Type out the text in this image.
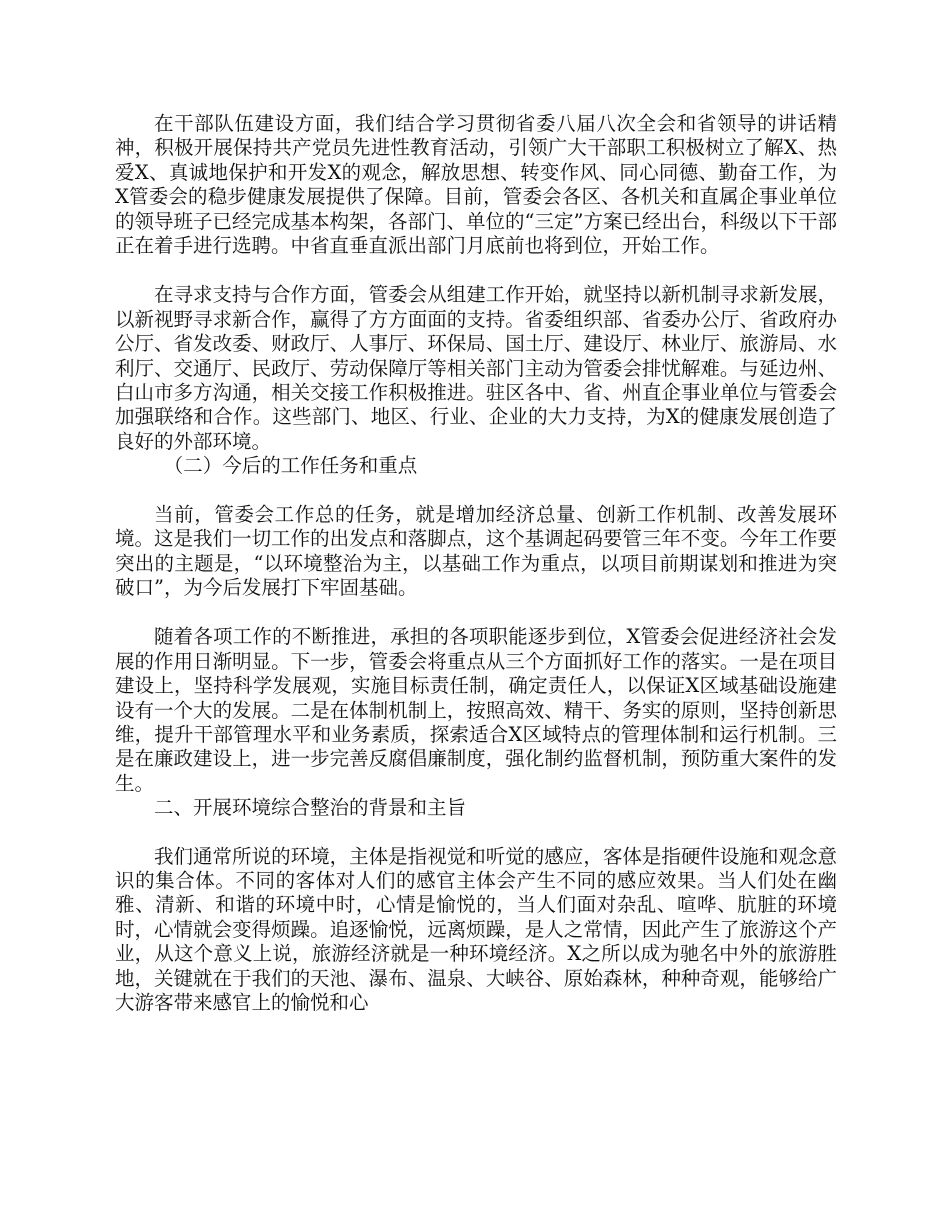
在干部队伍建设方面，我们结合学习贯彻省委八届八次全会和省领导的讲话精神，积极开展保持共产党员先进性教育活动，引领广大干部职工积极树立了解X、热爱X、真诚地保护和开发X的观念，解放思想、转变作风、同心同德、勤奋工作，为X管委会的稳步健康发展提供了保障。目前，管委会各区、各机关和直属企事业单位的领导班子已经完成基本构架，各部门、单位的“三定”方案已经出台，科级以下干部正在着手进行选聘。中省直垂直派出部门月底前也将到位，开始工作。

在寻求支持与合作方面，管委会从组建工作开始，就坚持以新机制寻求新发展，以新视野寻求新合作，赢得了方方面面的支持。省委组织部、省委办公厅、省政府办公厅、省发改委、财政厅、人事厅、环保局、国土厅、建设厅、林业厅、旅游局、水利厅、交通厅、民政厅、劳动保障厅等相关部门主动为管委会排忧解难。与延边州、白山市多方沟通，相关交接工作积极推进。驻区各中、省、州直企事业单位与管委会加强联络和合作。这些部门、地区、行业、企业的大力支持，为X的健康发展创造了良好的外部环境。

（二）今后的工作任务和重点

当前，管委会工作总的任务，就是增加经济总量、创新工作机制、改善发展环境。这是我们一切工作的出发点和落脚点，这个基调起码要管三年不变。今年工作要突出的主题是，“以环境整治为主，以基础工作为重点，以项目前期谋划和推进为突破口”，为今后发展打下牢固基础。

随着各项工作的不断推进，承担的各项职能逐步到位，X管委会促进经济社会发展的作用日渐明显。下一步，管委会将重点从三个方面抓好工作的落实。一是在项目建设上，坚持科学发展观，实施目标责任制，确定责任人，以保证X区域基础设施建设有一个大的发展。二是在体制机制上，按照高效、精干、务实的原则，坚持创新思维，提升干部管理水平和业务素质，探索适合X区域特点的管理体制和运行机制。三是在廉政建设上，进一步完善反腐倡廉制度，强化制约监督机制，预防重大案件的发生。

二、开展环境综合整治的背景和主旨

我们通常所说的环境，主体是指视觉和听觉的感应，客体是指硬件设施和观念意识的集合体。不同的客体对人们的感官主体会产生不同的感应效果。当人们处在幽雅、清新、和谐的环境中时，心情是愉悦的，当人们面对杂乱、喧哗、肮脏的环境时，心情就会变得烦躁。追逐愉悦，远离烦躁，是人之常情，因此产生了旅游这个产业，从这个意义上说，旅游经济就是一种环境经济。X之所以成为驰名中外的旅游胜地，关键就在于我们的天池、瀑布、温泉、大峡谷、原始森林，种种奇观，能够给广大游客带来感官上的愉悦和心
